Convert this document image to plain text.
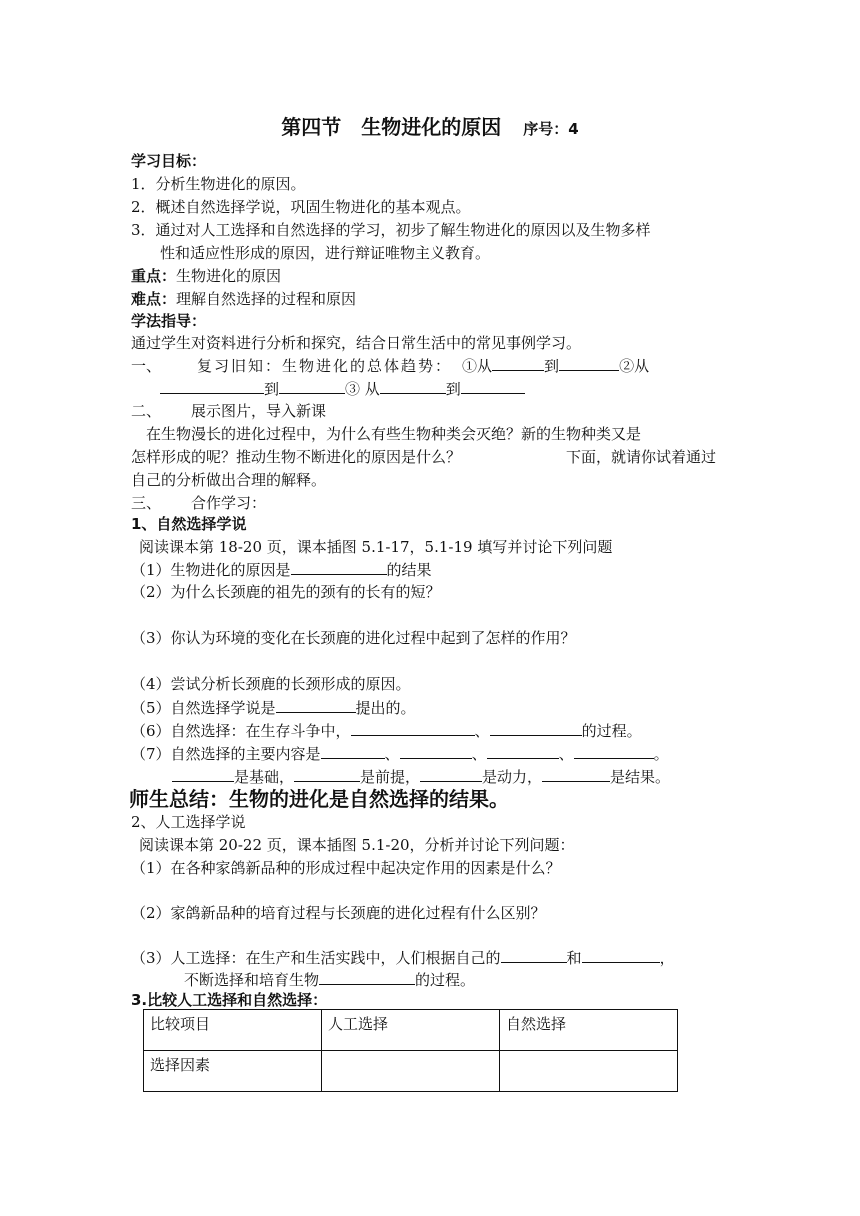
第四节　生物进化的原因 序号：4
学习目标：
1．分析生物进化的原因。
2．概述自然选择学说，巩固生物进化的基本观点。
3．通过对人工选择和自然选择的学习，初步了解生物进化的原因以及生物多样
性和适应性形成的原因，进行辩证唯物主义教育。
重点：生物进化的原因
难点：理解自然选择的过程和原因
学法指导：
通过学生对资料进行分析和探究，结合日常生活中的常见事例学习。
一、 复习旧知：生物进化的总体趋势： ①从	到	②从
到	③ 从	到
二、 展示图片，导入新课
在生物漫长的进化过程中，为什么有些生物种类会灭绝？新的生物种类又是
怎样形成的呢？推动生物不断进化的原因是什么？	下面，就请你试着通过
自己的分析做出合理的解释。
三、 合作学习：
1、自然选择学说
阅读课本第 18-20 页，课本插图 5.1-17，5.1-19 填写并讨论下列问题
（1）生物进化的原因是	的结果
（2）为什么长颈鹿的祖先的颈有的长有的短？
（3）你认为环境的变化在长颈鹿的进化过程中起到了怎样的作用？
（4）尝试分析长颈鹿的长颈形成的原因。
（5）自然选择学说是	提出的。
（6）自然选择：在生存斗争中，	、	的过程。
（7）自然选择的主要内容是	、	、	、	。
是基础，	是前提，	是动力，	是结果。
师生总结：生物的进化是自然选择的结果。
2、人工选择学说
阅读课本第 20-22 页，课本插图 5.1-20，分析并讨论下列问题：
（1）在各种家鸽新品种的形成过程中起决定作用的因素是什么？
（2）家鸽新品种的培育过程与长颈鹿的进化过程有什么区别？
（3）人工选择：在生产和生活实践中，人们根据自己的	和	，
不断选择和培育生物	的过程。
3.比较人工选择和自然选择：
比较项目	人工选择	自然选择
选择因素		
